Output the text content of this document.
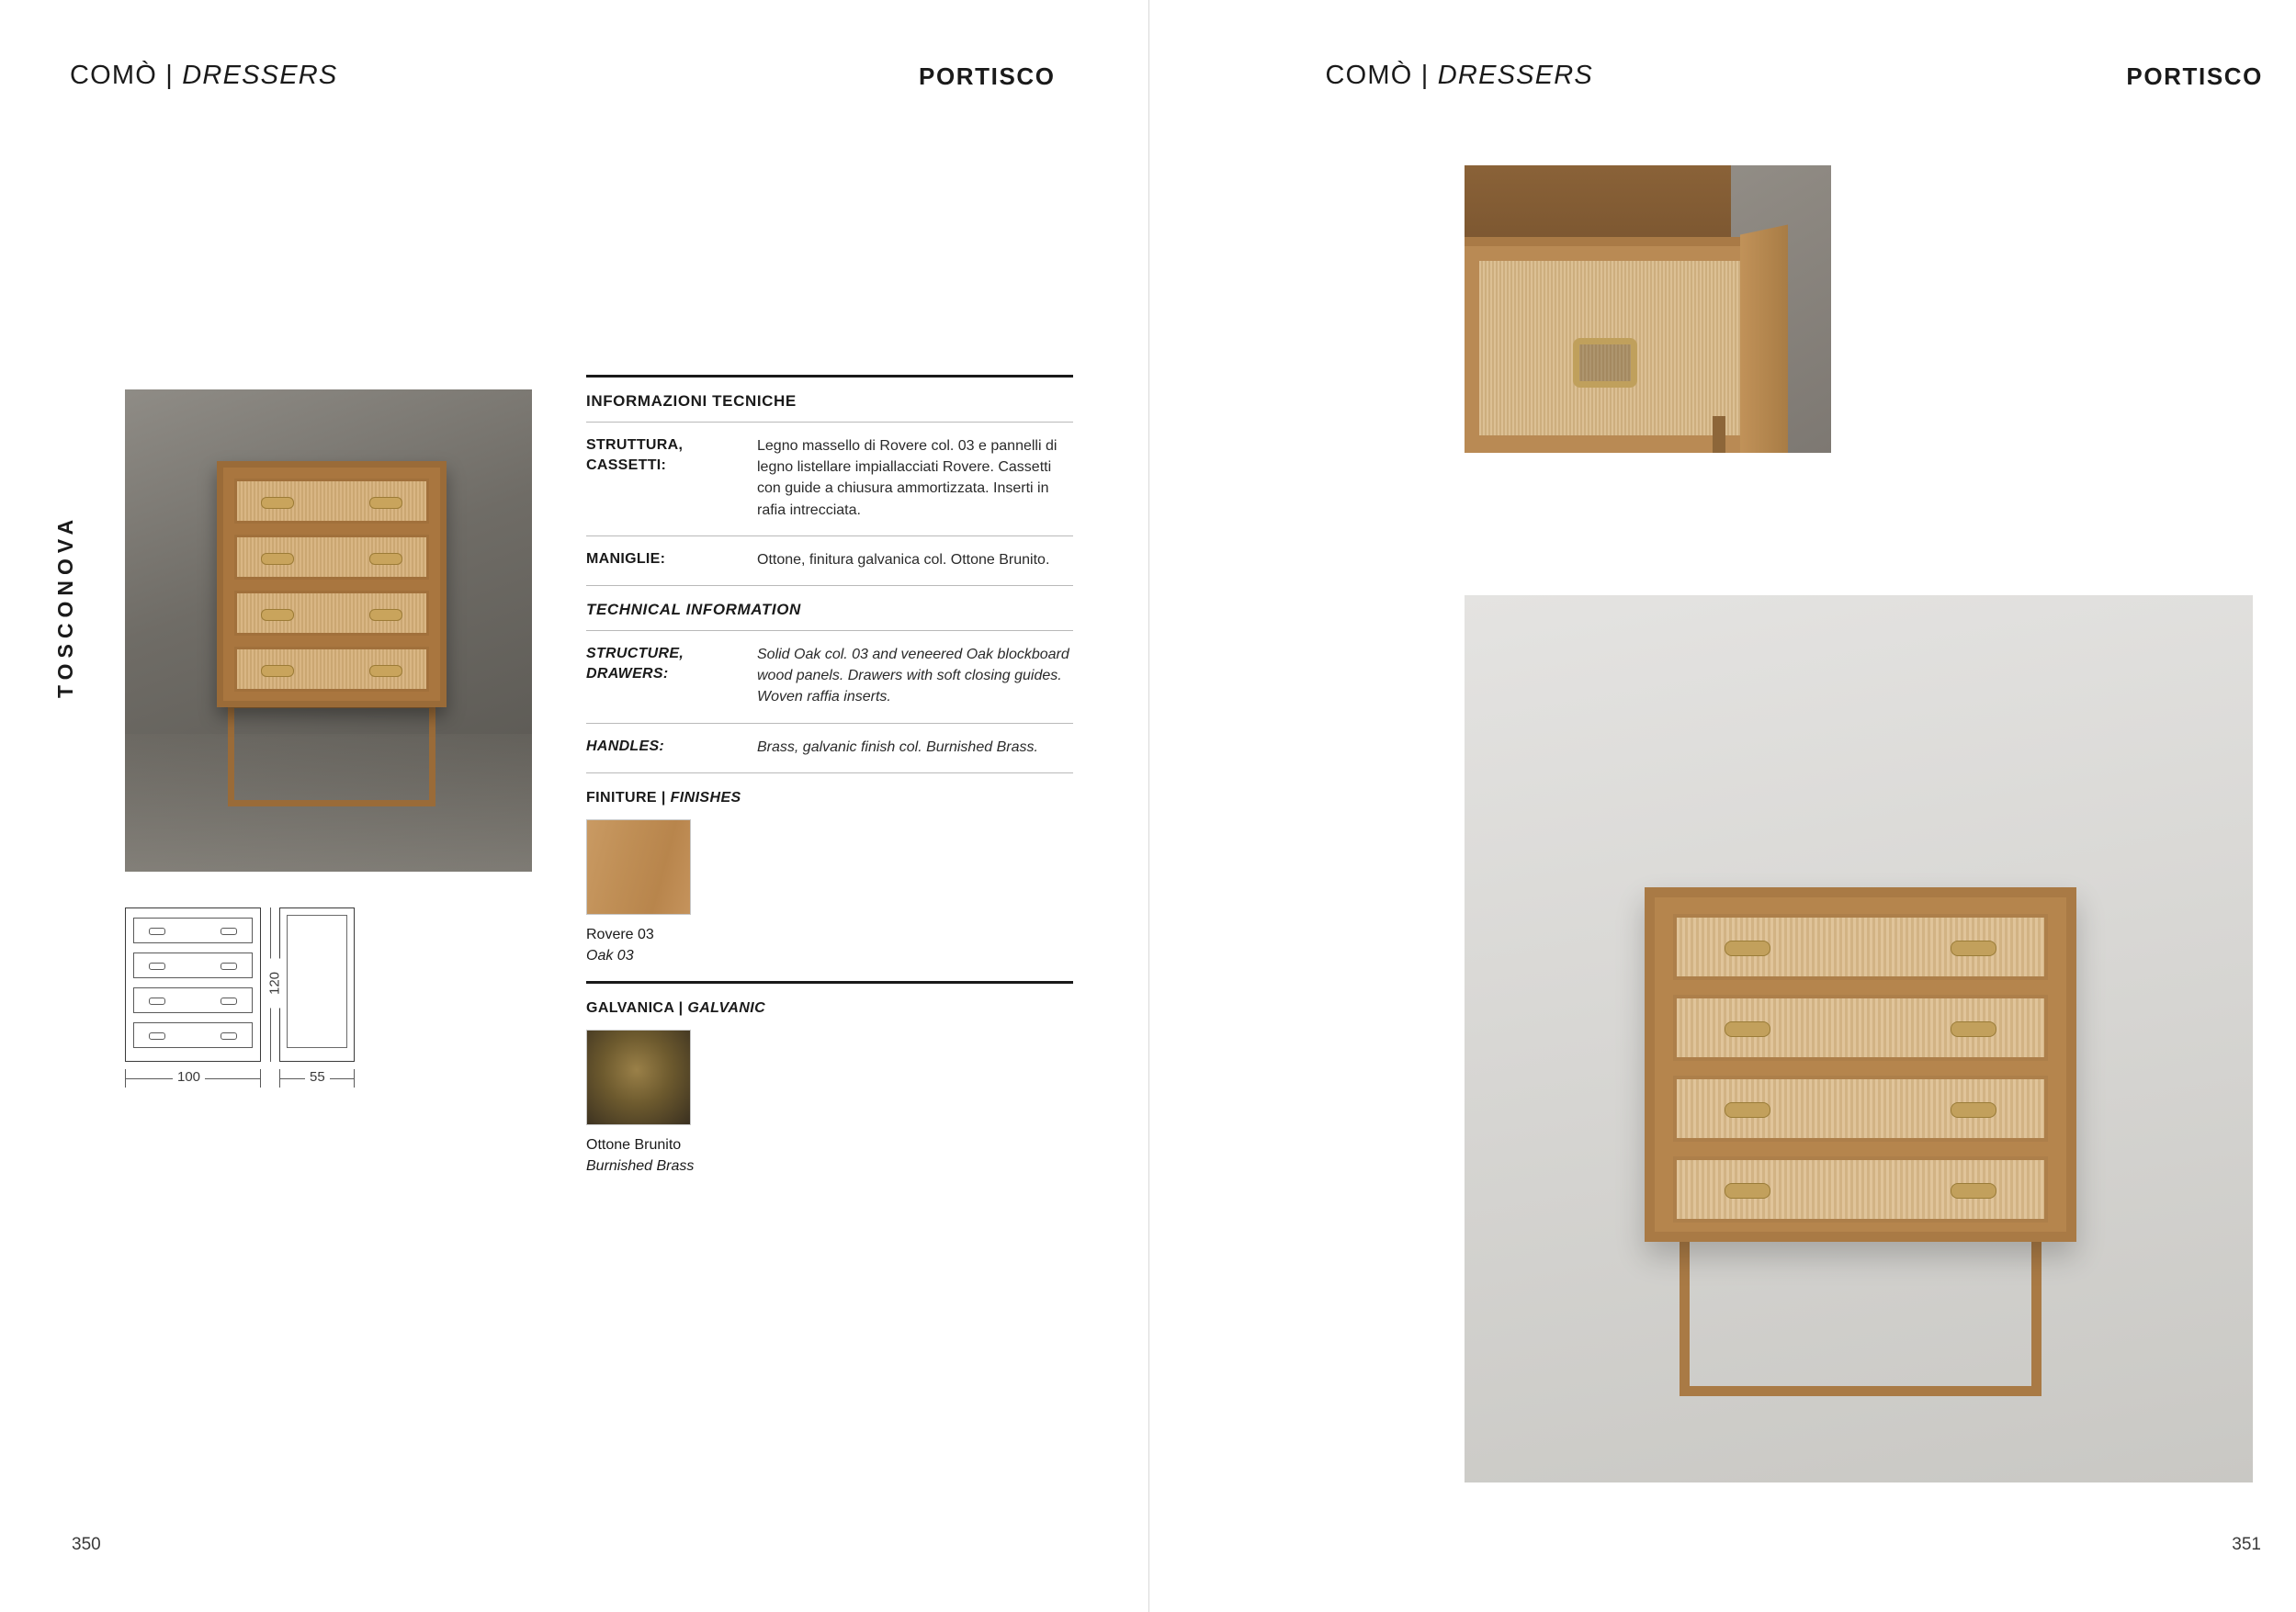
COMÒ | DRESSERS	PORTISCO
TOSCONOVA
100	55
120
INFORMAZIONI TECNICHE
STRUTTURA,
CASSETTI:
Legno massello di Rovere col. 03 e pannelli di legno listellare impiallacciati Rovere. Cassetti con guide a chiusura ammortizzata. Inserti in rafia intrecciata.
MANIGLIE:	Ottone, finitura galvanica col. Ottone Brunito.
TECHNICAL INFORMATION
STRUCTURE,
DRAWERS:
Solid Oak col. 03 and veneered Oak blockboard wood panels. Drawers with soft closing guides. Woven raffia inserts.
HANDLES:	Brass, galvanic finish col. Burnished Brass.
FINITURE | FINISHES
Rovere 03
Oak 03
GALVANICA | GALVANIC
Ottone Brunito
Burnished Brass
350
COMÒ | DRESSERS	PORTISCO
351
